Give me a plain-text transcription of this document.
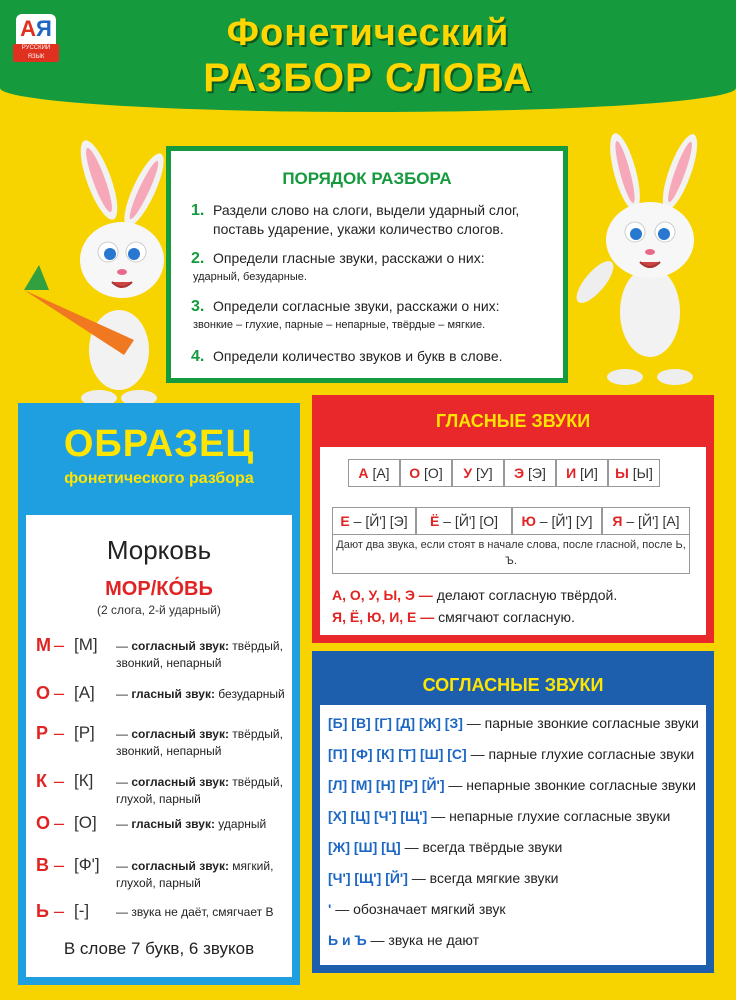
АЯ
РУССКИЙ ЯЗЫК
Фонетический
РАЗБОР СЛОВА
ПОРЯДОК РАЗБОРА
1. Раздели слово на слоги, выдели ударный слог, поставь ударение, укажи количество слогов.
2. Определи гласные звуки, расскажи о них:
ударный, безударные.
3. Определи согласные звуки, расскажи о них:
звонкие – глухие, парные – непарные, твёрдые – мягкие.
4. Определи количество звуков и букв в слове.
ОБРАЗЕЦ
фонетического разбора
Морковь
МОР/КО́ВЬ
(2 слога, 2-й ударный)
М – [М] — согласный звук: твёрдый, звонкий, непарный
О – [А] — гласный звук: безударный
Р – [Р] — согласный звук: твёрдый, звонкий, непарный
К – [К] — согласный звук: твёрдый, глухой, парный
О – [О] — гласный звук: ударный
В – [Ф'] — согласный звук: мягкий, глухой, парный
Ь – [-] — звука не даёт, смягчает В
В слове 7 букв, 6 звуков
ГЛАСНЫЕ ЗВУКИ
А [А]	О [О]	У [У]	Э [Э]	И [И]	Ы [Ы]
Е – [Й'] [Э]	Ё – [Й'] [О]	Ю – [Й'] [У]	Я – [Й'] [А]
Дают два звука, если стоят в начале слова, после гласной, после Ь, Ъ.
А, О, У, Ы, Э — делают согласную твёрдой.
Я, Ё, Ю, И, Е — смягчают согласную.
СОГЛАСНЫЕ ЗВУКИ
[Б] [В] [Г] [Д] [Ж] [З] — парные звонкие согласные звуки
[П] [Ф] [К] [Т] [Ш] [С] — парные глухие согласные звуки
[Л] [М] [Н] [Р] [Й'] — непарные звонкие согласные звуки
[Х] [Ц] [Ч'] [Щ'] — непарные глухие согласные звуки
[Ж] [Ш] [Ц] — всегда твёрдые звуки
[Ч'] [Щ'] [Й'] — всегда мягкие звуки
' — обозначает мягкий звук
Ь и Ъ — звука не дают
